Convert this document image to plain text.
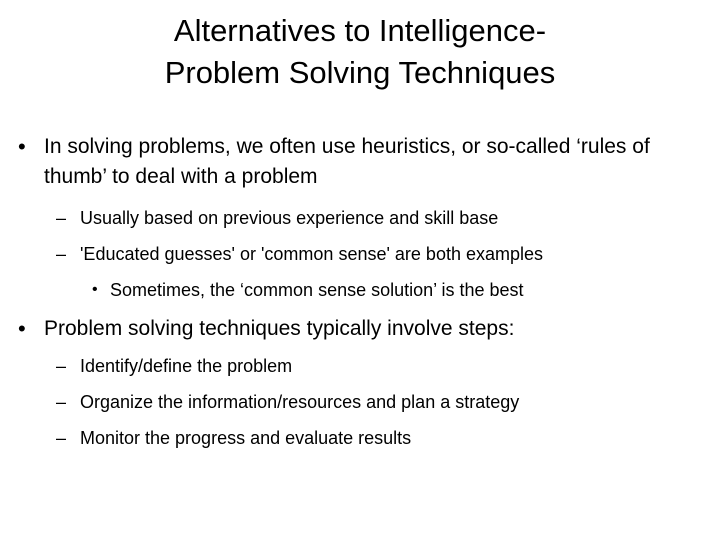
Alternatives to Intelligence-
Problem Solving Techniques
• In solving problems, we often use heuristics, or so-called ‘rules of thumb’ to deal with a problem
– Usually based on previous experience and skill base
– 'Educated guesses' or 'common sense' are both examples
• Sometimes, the ‘common sense solution’ is the best
• Problem solving techniques typically involve steps:
– Identify/define the problem
– Organize the information/resources and plan a strategy
– Monitor the progress and evaluate results
